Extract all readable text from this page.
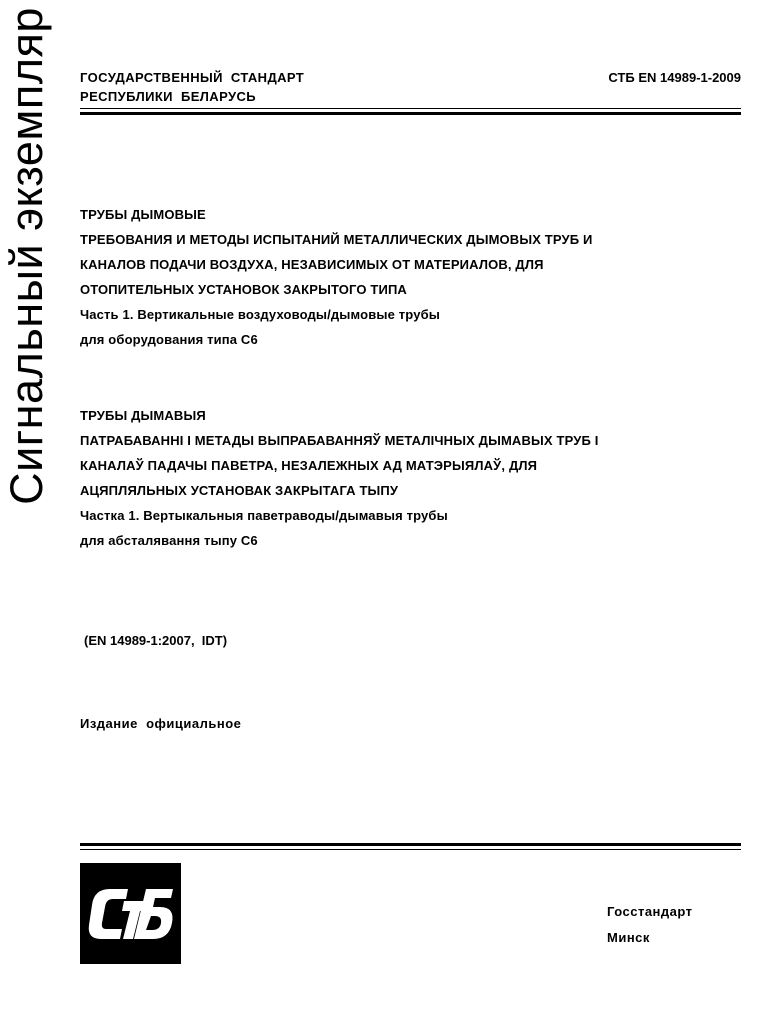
Сигнальный экземпляр ГОСУДАРСТВЕННЫЙ  СТАНДАРТ
РЕСПУБЛИКИ  БЕЛАРУСЬ
СТБ EN 14989-1-2009

ТРУБЫ ДЫМОВЫЕ

ТРЕБОВАНИЯ И МЕТОДЫ ИСПЫТАНИЙ МЕТАЛЛИЧЕСКИХ ДЫМОВЫХ ТРУБ И

КАНАЛОВ ПОДАЧИ ВОЗДУХА, НЕЗАВИСИМЫХ ОТ МАТЕРИАЛОВ, ДЛЯ

ОТОПИТЕЛЬНЫХ УСТАНОВОК ЗАКРЫТОГО ТИПА

Часть 1. Вертикальные воздуховоды/дымовые трубы

для оборудования типа С6

ТРУБЫ ДЫМАВЫЯ

ПАТРАБАВАННІ І МЕТАДЫ ВЫПРАБАВАННЯЎ МЕТАЛІЧНЫХ ДЫМАВЫХ ТРУБ І

КАНАЛАЎ ПАДАЧЫ ПАВЕТРА, НЕЗАЛЕЖНЫХ АД МАТЭРЫЯЛАЎ, ДЛЯ

АЦЯПЛЯЛЬНЫХ УСТАНОВАК ЗАКРЫТАГА ТЫПУ

Частка 1. Вертыкальныя паветраводы/дымавыя трубы

для абсталявання тыпу С6

(EN 14989-1:2007,  IDT)
Издание  официальное
Госстандарт
Минск
